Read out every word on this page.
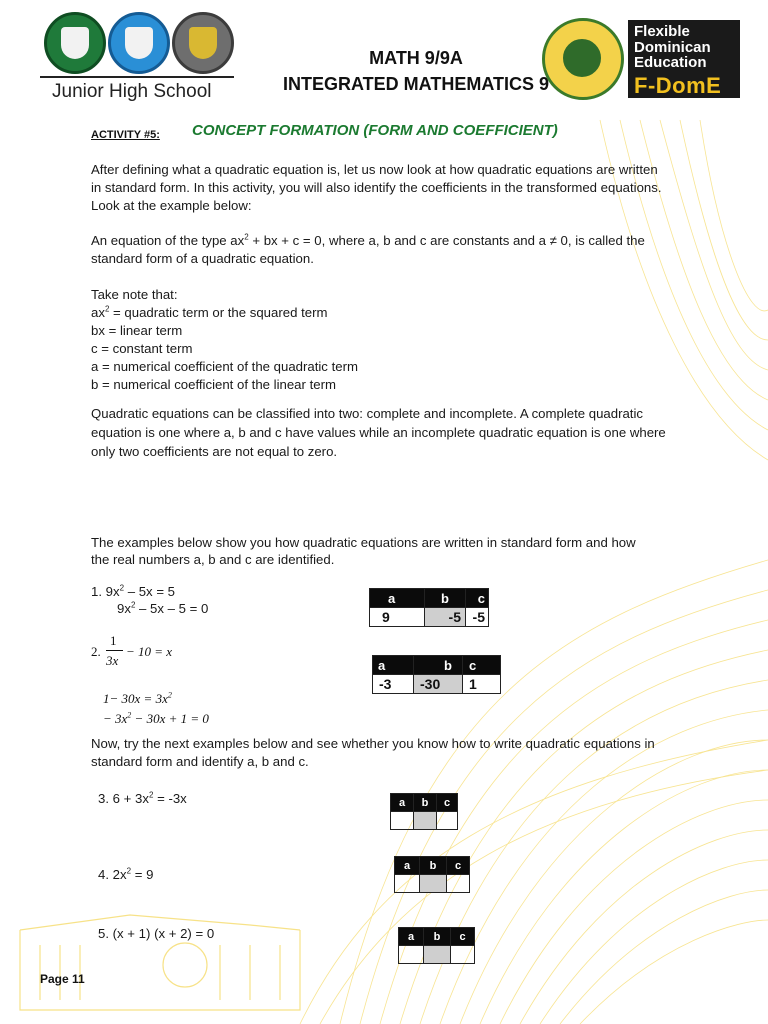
Junior High School
MATH 9/9A
INTEGRATED MATHEMATICS 9
Flexible
Dominican
Education
F-DomE
ACTIVITY #5: CONCEPT FORMATION (FORM AND COEFFICIENT)
After defining what a quadratic equation is, let us now look at how quadratic equations are written
in standard form. In this activity, you will also identify the coefficients in the transformed equations.
Look at the example below:
An equation of the type $ax^2$ + bx + c = 0, where a, b and c are constants and a ≠ 0, is called the
standard form of a quadratic equation.
Take note that:
$ax^2$ = quadratic term or the squared term
bx = linear term
c = constant term
a = numerical coefficient of the quadratic term
b = numerical coefficient of the linear term
Quadratic equations can be classified into two: complete and incomplete. A complete quadratic
equation is one where a, b and c have values while an incomplete quadratic equation is one where
only two coefficients are not equal to zero.
The examples below show you how quadratic equations are written in standard form and how
the real numbers a, b and c are identified.
1. $9x^2 - 5x = 5$
$9x^2 - 5x - 5 = 0$
a	b	c
9	-5	-5
2.
1
3x
− 10 = x
$1- 30x = 3x^2$
− $3x^2 - 30x + 1 = 0$
a	b	c
-3	-30	1
Now, try the next examples below and see whether you know how to write quadratic equations in
standard form and identify a, b and c.
3. $6 + 3x^2 = -3x$	a	b	c

4. $2x^2 = 9$
a	b	c

5. (x + 1) (x + 2) = 0	a	b	c

Page 11
